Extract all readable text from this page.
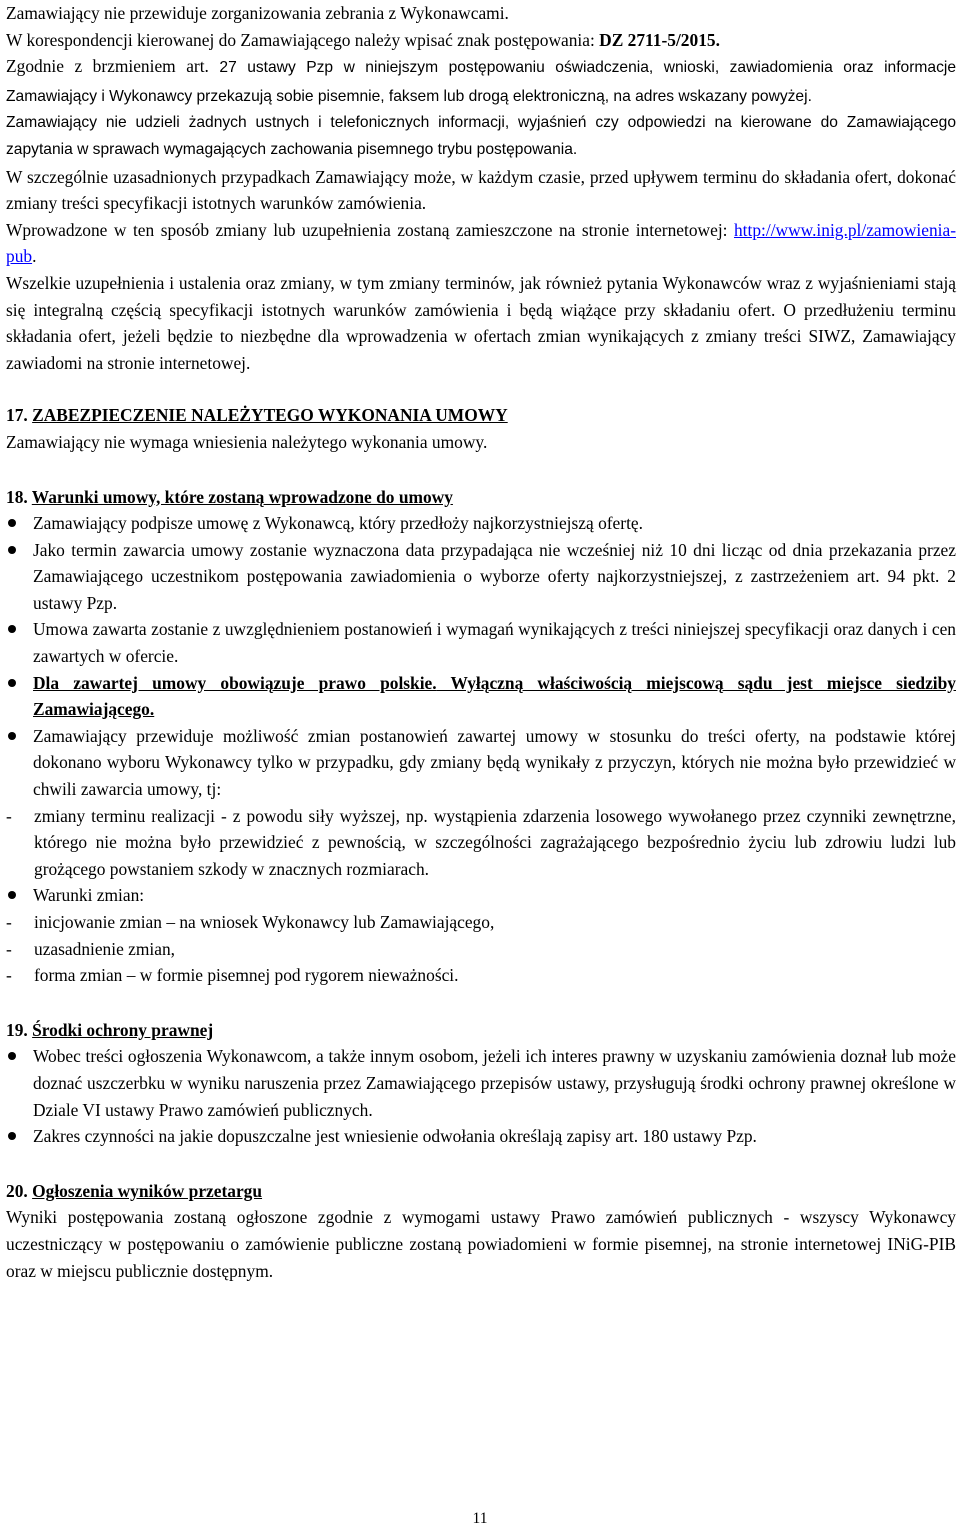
Zamawiający nie przewiduje zorganizowania zebrania z Wykonawcami.

W korespondencji kierowanej do Zamawiającego należy wpisać znak postępowania: DZ 2711-5/2015.

Zgodnie z brzmieniem art. 27 ustawy Pzp w niniejszym postępowaniu oświadczenia, wnioski, zawiadomienia oraz informacje Zamawiający i Wykonawcy przekazują sobie pisemnie, faksem lub drogą elektroniczną, na adres wskazany powyżej.

Zamawiający nie udzieli żadnych ustnych i telefonicznych informacji, wyjaśnień czy odpowiedzi na kierowane do Zamawiającego zapytania w sprawach wymagających zachowania pisemnego trybu postępowania.

W szczególnie uzasadnionych przypadkach Zamawiający może, w każdym czasie, przed upływem terminu do składania ofert, dokonać zmiany treści specyfikacji istotnych warunków zamówienia.

Wprowadzone w ten sposób zmiany lub uzupełnienia zostaną zamieszczone na stronie internetowej: http://www.inig.pl/zamowienia-pub.

Wszelkie uzupełnienia i ustalenia oraz zmiany, w tym zmiany terminów, jak również pytania Wykonawców wraz z wyjaśnieniami stają się integralną częścią specyfikacji istotnych warunków zamówienia i będą wiążące przy składaniu ofert. O przedłużeniu terminu składania ofert, jeżeli będzie to niezbędne dla wprowadzenia w ofertach zmian wynikających z zmiany treści SIWZ, Zamawiający zawiadomi na stronie internetowej.

17. ZABEZPIECZENIE NALEŻYTEGO WYKONANIA UMOWY

Zamawiający nie wymaga wniesienia należytego wykonania umowy.

18. Warunki umowy, które zostaną wprowadzone do umowy

Zamawiający podpisze umowę z Wykonawcą, który przedłoży najkorzystniejszą ofertę.
Jako termin zawarcia umowy zostanie wyznaczona data przypadająca nie wcześniej niż 10 dni licząc od dnia przekazania przez Zamawiającego uczestnikom postępowania zawiadomienia o wyborze oferty najkorzystniejszej, z zastrzeżeniem art. 94 pkt. 2 ustawy Pzp.
Umowa zawarta zostanie z uwzględnieniem postanowień i wymagań wynikających z treści niniejszej specyfikacji oraz danych i cen zawartych w ofercie.
Dla zawartej umowy obowiązuje prawo polskie. Wyłączną właściwością miejscową sądu jest miejsce siedziby Zamawiającego.
Zamawiający przewiduje możliwość zmian postanowień zawartej umowy w stosunku do treści oferty, na podstawie której dokonano wyboru Wykonawcy tylko w przypadku, gdy zmiany będą wynikały z przyczyn, których nie można było przewidzieć w chwili zawarcia umowy, tj:
-	zmiany terminu realizacji - z powodu siły wyższej, np. wystąpienia zdarzenia losowego wywołanego przez czynniki zewnętrzne, którego nie można było przewidzieć z pewnością, w szczególności zagrażającego bezpośrednio życiu lub zdrowiu ludzi lub grożącego powstaniem szkody w znacznych rozmiarach.
Warunki zmian:
-	inicjowanie zmian – na wniosek Wykonawcy lub Zamawiającego,
-	uzasadnienie zmian,
-	forma zmian – w formie pisemnej pod rygorem nieważności.

19. Środki ochrony prawnej

Wobec treści ogłoszenia Wykonawcom, a także innym osobom, jeżeli ich interes prawny w uzyskaniu zamówienia doznał lub może doznać uszczerbku w wyniku naruszenia przez Zamawiającego przepisów ustawy, przysługują środki ochrony prawnej określone w Dziale VI ustawy Prawo zamówień publicznych.
Zakres czynności na jakie dopuszczalne jest wniesienie odwołania określają zapisy art. 180 ustawy Pzp.

20. Ogłoszenia wyników przetargu

Wyniki postępowania zostaną ogłoszone zgodnie z wymogami ustawy Prawo zamówień publicznych - wszyscy Wykonawcy uczestniczący w postępowaniu o zamówienie publiczne zostaną powiadomieni w formie pisemnej, na stronie internetowej INiG-PIB oraz w miejscu publicznie dostępnym.

11
